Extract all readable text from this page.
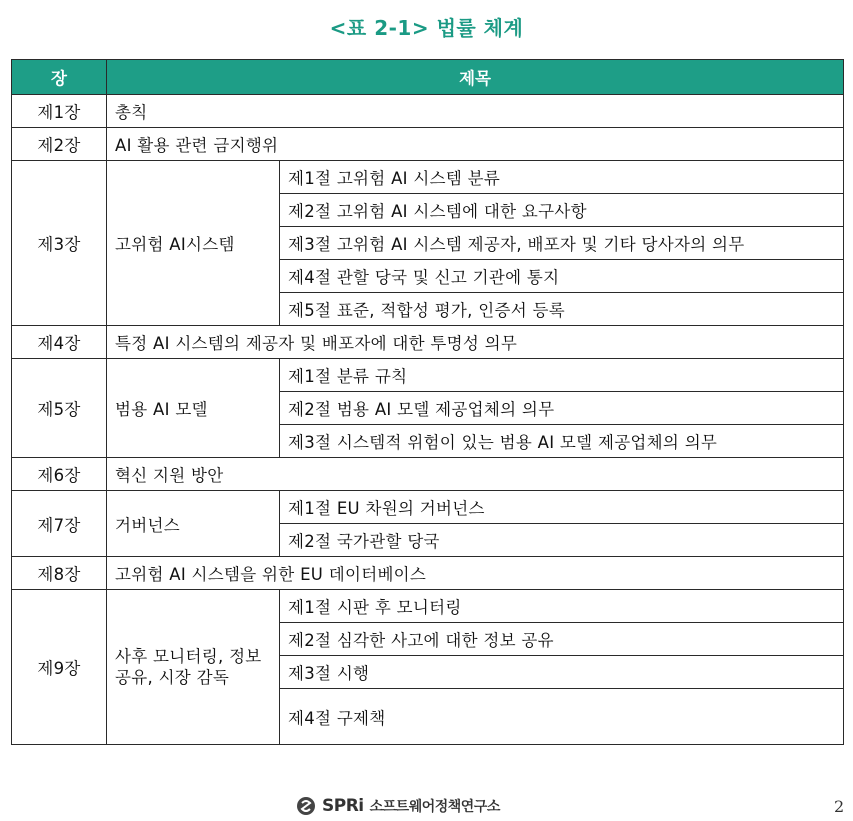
<표 2-1> 법률 체계
장	제목	
제1장	총칙	
제2장	AI 활용 관련 금지행위	
제3장	고위험 AI시스템	제1절 고위험 AI 시스템 분류
		제2절 고위험 AI 시스템에 대한 요구사항
		제3절 고위험 AI 시스템 제공자, 배포자 및 기타 당사자의 의무
		제4절 관할 당국 및 신고 기관에 통지
		제5절 표준, 적합성 평가, 인증서 등록
제4장	특정 AI 시스템의 제공자 및 배포자에 대한 투명성 의무	
제5장	범용 AI 모델	제1절 분류 규칙
		제2절 범용 AI 모델 제공업체의 의무
		제3절 시스템적 위험이 있는 범용 AI 모델 제공업체의 의무
제6장	혁신 지원 방안	
제7장	거버넌스	제1절 EU 차원의 거버넌스
		제2절 국가관할 당국
제8장	고위험 AI 시스템을 위한 EU 데이터베이스	
제9장	사후 모니터링, 정보공유, 시장 감독	제1절 시판 후 모니터링
		제2절 심각한 사고에 대한 정보 공유
		제3절 시행
		제4절 구제책
SPRi 소프트웨어정책연구소	2
